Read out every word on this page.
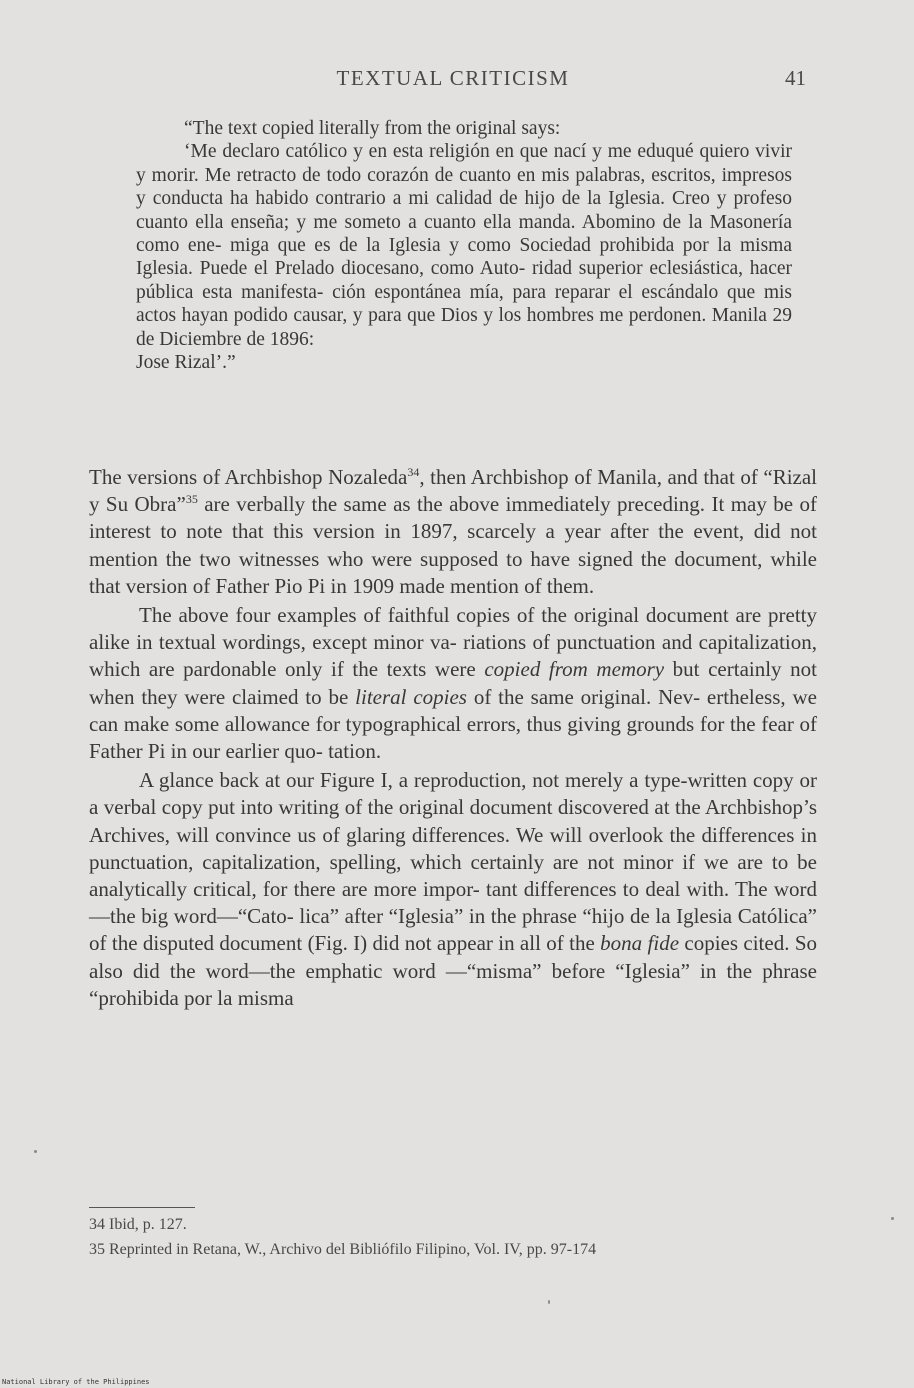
TEXTUAL CRITICISM	41

“The text copied literally from the original says:

‘Me declaro católico y en esta religión en que nací y me eduqué quiero vivir y morir. Me retracto de todo corazón de cuanto en mis palabras, escritos, impresos y conducta ha habido contrario a mi calidad de hijo de la Iglesia. Creo y profeso cuanto ella enseña; y me someto a cuanto ella manda. Abomino de la Masonería como ene- miga que es de la Iglesia y como Sociedad prohibida por la misma Iglesia. Puede el Prelado diocesano, como Auto- ridad superior eclesiástica, hacer pública esta manifesta- ción espontánea mía, para reparar el escándalo que mis actos hayan podido causar, y para que Dios y los hombres me perdonen. Manila 29 de Diciembre de 1896:

Jose Rizal’.”

The versions of Archbishop Nozaleda$^{34}$, then Archbishop of Manila, and that of “Rizal y Su Obra”$^{35}$ are verbally the same as the above immediately preceding. It may be of interest to note that this version in 1897, scarcely a year after the event, did not mention the two witnesses who were supposed to have signed the document, while that version of Father Pio Pi in 1909 made mention of them.

The above four examples of faithful copies of the original document are pretty alike in textual wordings, except minor va- riations of punctuation and capitalization, which are pardonable only if the texts were copied from memory but certainly not when they were claimed to be literal copies of the same original. Nev- ertheless, we can make some allowance for typographical errors, thus giving grounds for the fear of Father Pi in our earlier quo- tation.

A glance back at our Figure I, a reproduction, not merely a type-written copy or a verbal copy put into writing of the original document discovered at the Archbishop’s Archives, will convince us of glaring differences. We will overlook the differences in punctuation, capitalization, spelling, which certainly are not minor if we are to be analytically critical, for there are more impor- tant differences to deal with. The word—the big word—“Cato- lica” after “Iglesia” in the phrase “hijo de la Iglesia Católica” of the disputed document (Fig. I) did not appear in all of the bona fide copies cited. So also did the word—the emphatic word —“misma” before “Iglesia” in the phrase “prohibida por la misma

34 Ibid, p. 127.
35 Reprinted in Retana, W., Archivo del Bibliófilo Filipino, Vol. IV, pp. 97-174
National Library of the Philippines
